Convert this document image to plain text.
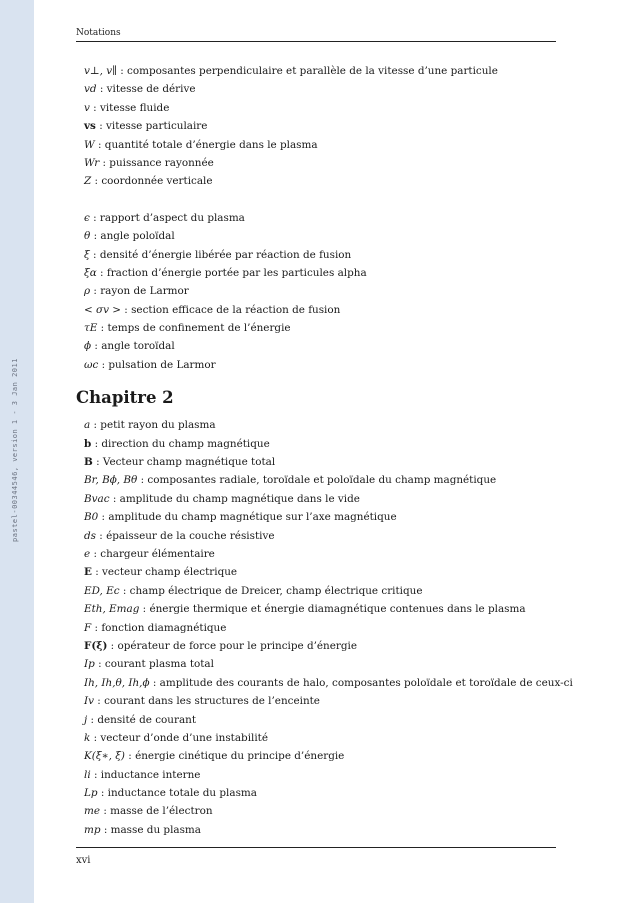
pastel-00344546, version 1 - 3 Jan 2011
Notations
v⊥, v∥ : composantes perpendiculaire et parallèle de la vitesse d’une particule
vd : vitesse de dérive
v : vitesse fluide
vs : vitesse particulaire
W : quantité totale d’énergie dans le plasma
Wr : puissance rayonnée
Z : coordonnée verticale
ϵ : rapport d’aspect du plasma
θ : angle poloïdal
ξ : densité d’énergie libérée par réaction de fusion
ξα : fraction d’énergie portée par les particules alpha
ρ : rayon de Larmor
< σv > : section efficace de la réaction de fusion
τE : temps de confinement de l’énergie
ϕ : angle toroïdal
ωc : pulsation de Larmor
Chapitre 2
a : petit rayon du plasma
b : direction du champ magnétique
B : Vecteur champ magnétique total
Br, Bϕ, Bθ : composantes radiale, toroïdale et poloïdale du champ magnétique
Bvac : amplitude du champ magnétique dans le vide
B0 : amplitude du champ magnétique sur l’axe magnétique
ds : épaisseur de la couche résistive
e : chargeur élémentaire
E : vecteur champ électrique
ED, Ec : champ électrique de Dreicer, champ électrique critique
Eth, Emag : énergie thermique et énergie diamagnétique contenues dans le plasma
F : fonction diamagnétique
F(ξ) : opérateur de force pour le principe d’énergie
Ip : courant plasma total
Ih, Ih,θ, Ih,ϕ : amplitude des courants de halo, composantes poloïdale et toroïdale de ceux-ci
Iv : courant dans les structures de l’enceinte
j : densité de courant
k : vecteur d’onde d’une instabilité
K(ξ∗, ξ) : énergie cinétique du principe d’énergie
li : inductance interne
Lp : inductance totale du plasma
me : masse de l’électron
mp : masse du plasma
xvi
